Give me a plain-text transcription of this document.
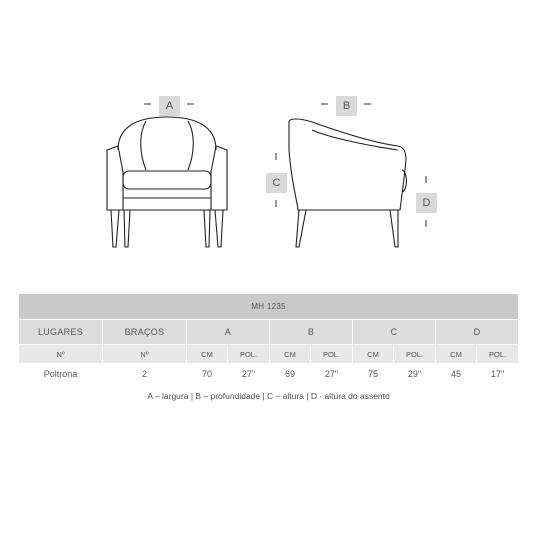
A	B
C
D
MH 1235									
LUGARES	BRAÇOS	A		B		C		D	
Nº	Nº	CM	POL.	CM	POL.	CM	POL.	CM	POL.
Poltrona	2	70	27"	69	27"	75	29"	45	17"
A – largura | B – profundidade | C – altura | D - altura do assento									
